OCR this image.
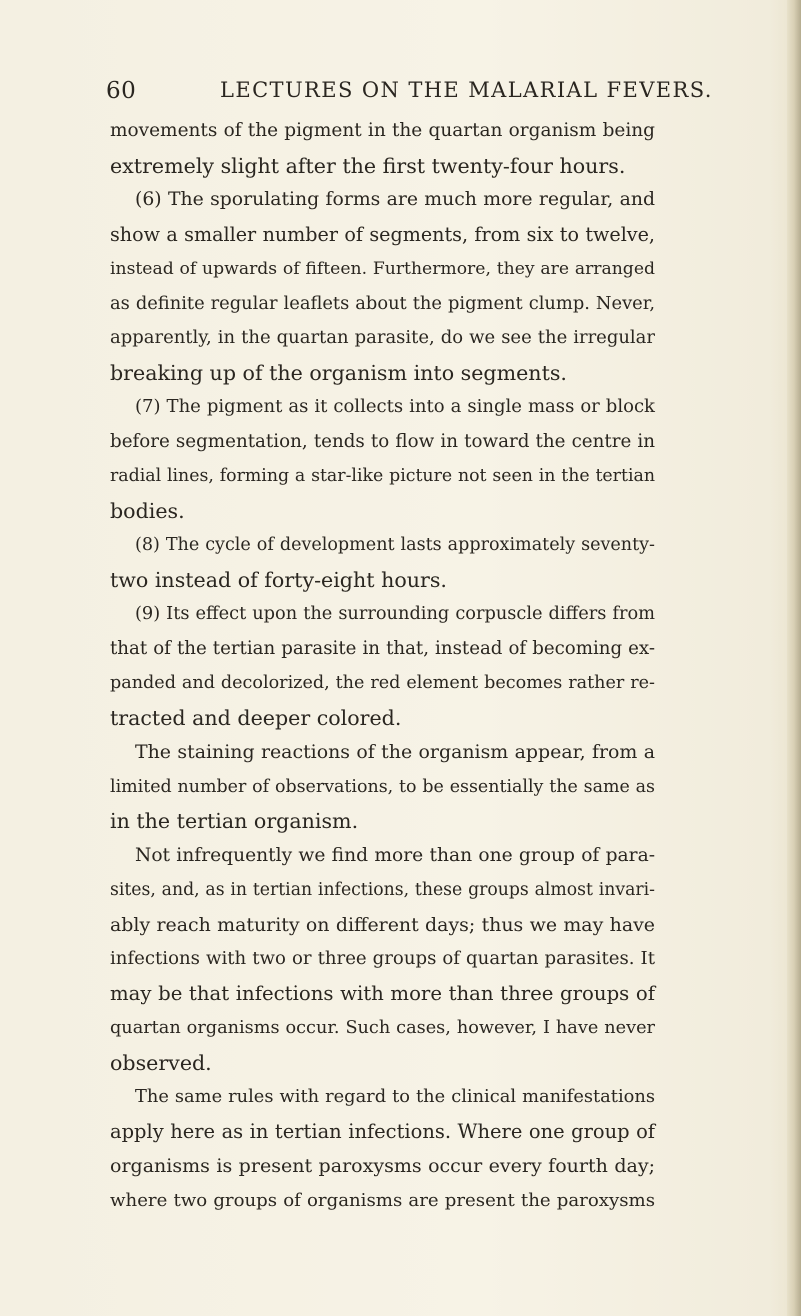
60	LECTURES ON THE MALARIAL FEVERS.
movements of the pigment in the quartan organism being
extremely slight after the first twenty-four hours.
(6) The sporulating forms are much more regular, and
show a smaller number of segments, from six to twelve,
instead of upwards of fifteen. Furthermore, they are arranged
as definite regular leaflets about the pigment clump. Never,
apparently, in the quartan parasite, do we see the irregular
breaking up of the organism into segments.
(7) The pigment as it collects into a single mass or block
before segmentation, tends to flow in toward the centre in
radial lines, forming a star-like picture not seen in the tertian
bodies.
(8) The cycle of development lasts approximately seventy-
two instead of forty-eight hours.
(9) Its effect upon the surrounding corpuscle differs from
that of the tertian parasite in that, instead of becoming ex-
panded and decolorized, the red element becomes rather re-
tracted and deeper colored.
The staining reactions of the organism appear, from a
limited number of observations, to be essentially the same as
in the tertian organism.
Not infrequently we find more than one group of para-
sites, and, as in tertian infections, these groups almost invari-
ably reach maturity on different days; thus we may have
infections with two or three groups of quartan parasites. It
may be that infections with more than three groups of
quartan organisms occur. Such cases, however, I have never
observed.
The same rules with regard to the clinical manifestations
apply here as in tertian infections. Where one group of
organisms is present paroxysms occur every fourth day;
where two groups of organisms are present the paroxysms
